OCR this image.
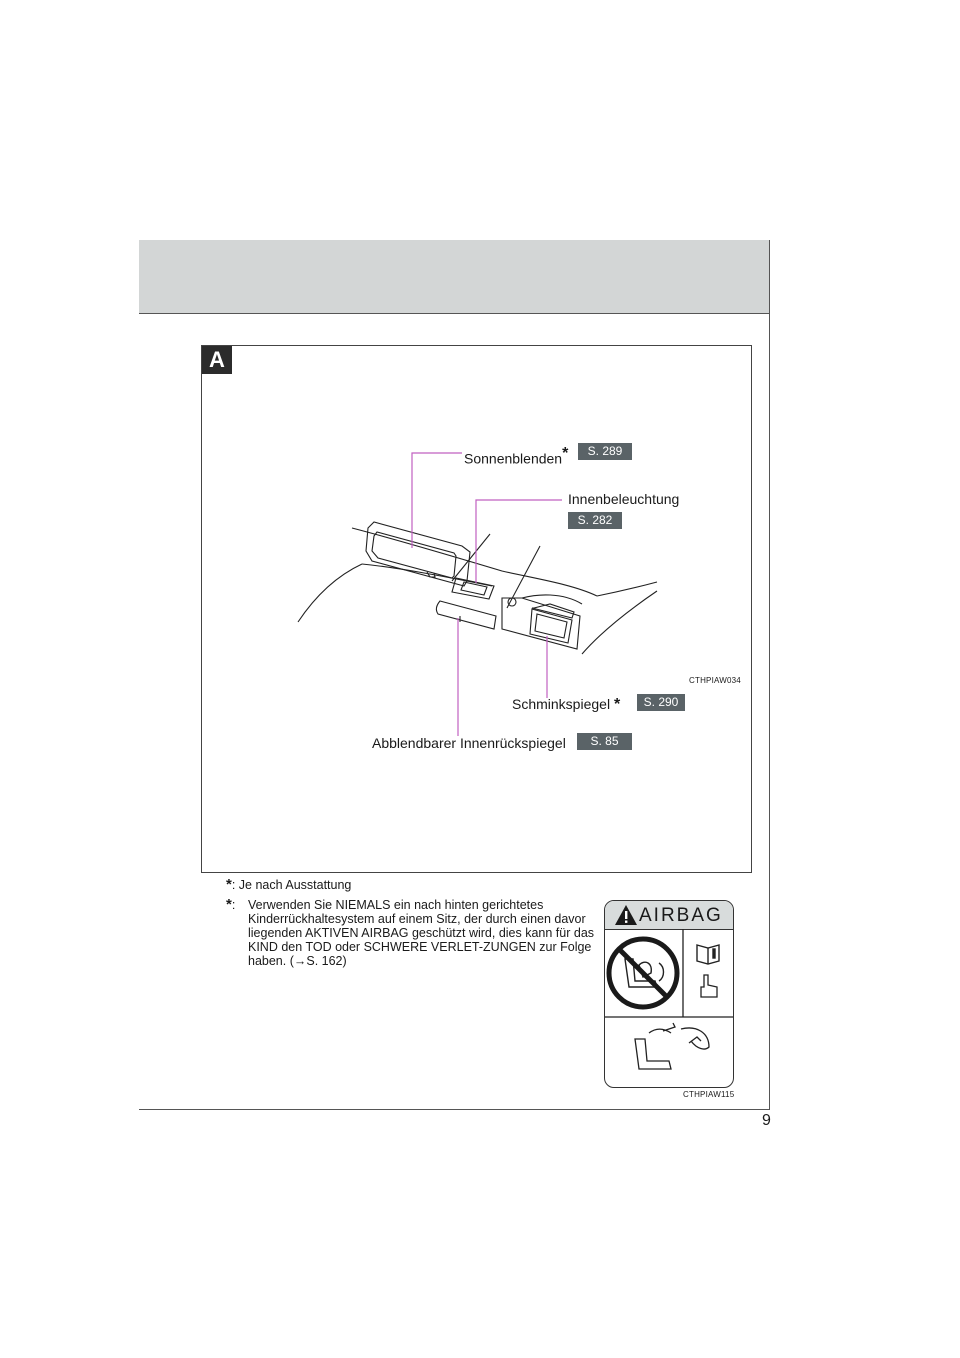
9
A
Sonnenblenden*	S. 289
Innenbeleuchtung
S. 282
CTHPIAW034
Schminkspiegel *	S. 290
Abblendbarer Innenrückspiegel	S. 85
*: Je nach Ausstattung
*: Verwenden Sie NIEMALS ein nach hinten gerichtetes Kinderrückhaltesystem auf einem Sitz, der durch einen davor liegenden AKTIVEN AIRBAG geschützt wird, dies kann für das KIND den TOD oder SCHWERE VERLET-ZUNGEN zur Folge haben. (→S. 162)
AIRBAG
CTHPIAW115
